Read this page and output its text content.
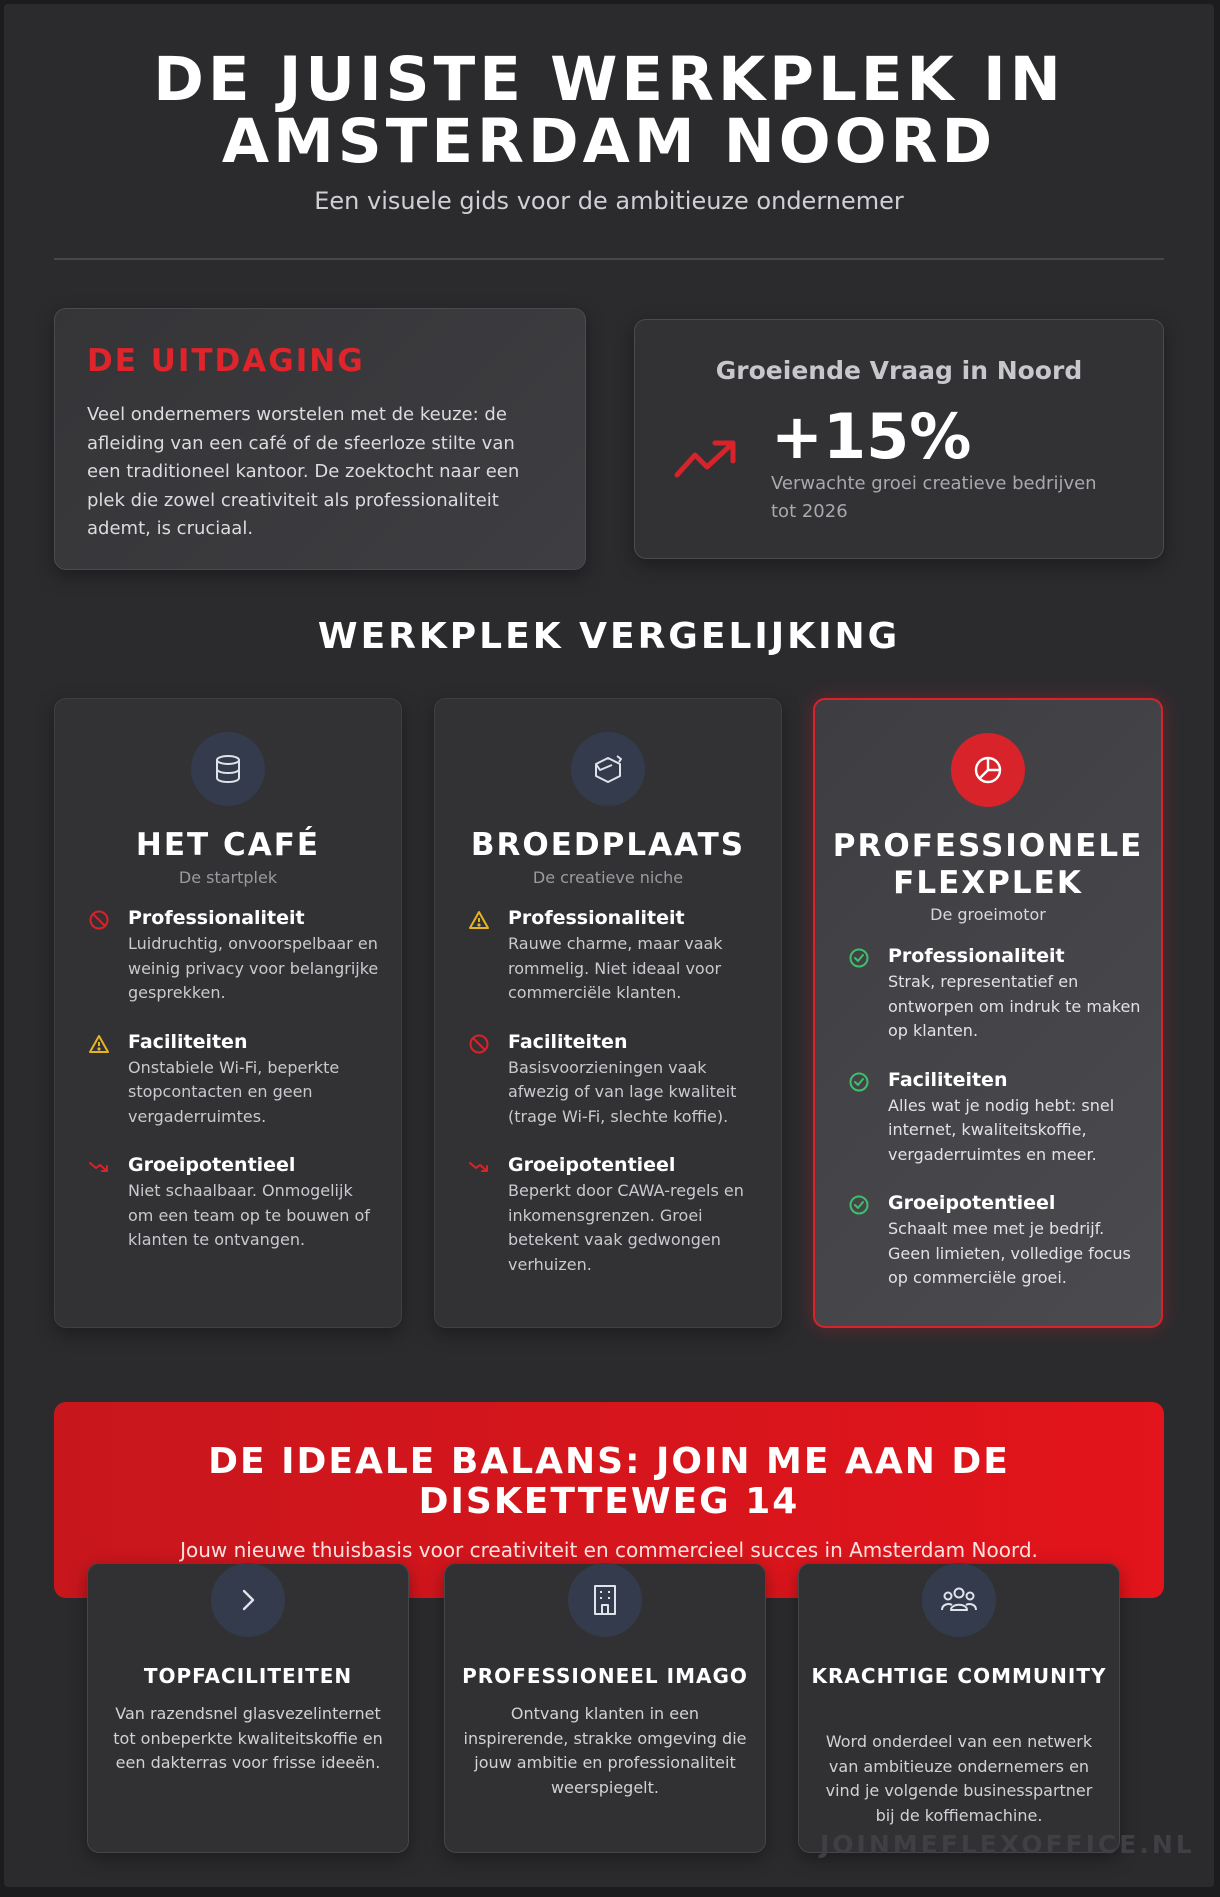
DE JUISTE WERKPLEK IN AMSTERDAM NOORD
Een visuele gids voor de ambitieuze ondernemer
DE UITDAGING

Veel ondernemers worstelen met de keuze: de afleiding van een café of de sfeerloze stilte van een traditioneel kantoor. De zoektocht naar een plek die zowel creativiteit als professionaliteit ademt, is cruciaal.

Groeiende Vraag in Noord
+15%
Verwachte groei creatieve bedrijven tot 2026
WERKPLEK VERGELIJKING
HET CAFÉ
De startplek
Professionaliteit
Luidruchtig, onvoorspelbaar en weinig privacy voor belangrijke gesprekken.
Faciliteiten
Onstabiele Wi-Fi, beperkte stopcontacten en geen vergaderruimtes.
Groeipotentieel
Niet schaalbaar. Onmogelijk om een team op te bouwen of klanten te ontvangen.
BROEDPLAATS
De creatieve niche
Professionaliteit
Rauwe charme, maar vaak rommelig. Niet ideaal voor commerciële klanten.
Faciliteiten
Basisvoorzieningen vaak afwezig of van lage kwaliteit (trage Wi-Fi, slechte koffie).
Groeipotentieel
Beperkt door CAWA-regels en inkomensgrenzen. Groei betekent vaak gedwongen verhuizen.
PROFESSIONELE FLEXPLEK
De groeimotor
Professionaliteit
Strak, representatief en ontworpen om indruk te maken op klanten.
Faciliteiten
Alles wat je nodig hebt: snel internet, kwaliteitskoffie, vergaderruimtes en meer.
Groeipotentieel
Schaalt mee met je bedrijf. Geen limieten, volledige focus op commerciële groei.
DE IDEALE BALANS: JOIN ME AAN DE DISKETTEWEG 14

Jouw nieuwe thuisbasis voor creativiteit en commercieel succes in Amsterdam Noord.

TOPFACILITEITEN
Van razendsnel glasvezelinternet tot onbeperkte kwaliteitskoffie en een dakterras voor frisse ideeën.
PROFESSIONEEL IMAGO
Ontvang klanten in een inspirerende, strakke omgeving die jouw ambitie en professionaliteit weerspiegelt.
KRACHTIGE COMMUNITY
Word onderdeel van een netwerk van ambitieuze ondernemers en vind je volgende businesspartner bij de koffiemachine.
JOINMEFLEXOFFICE.NL
